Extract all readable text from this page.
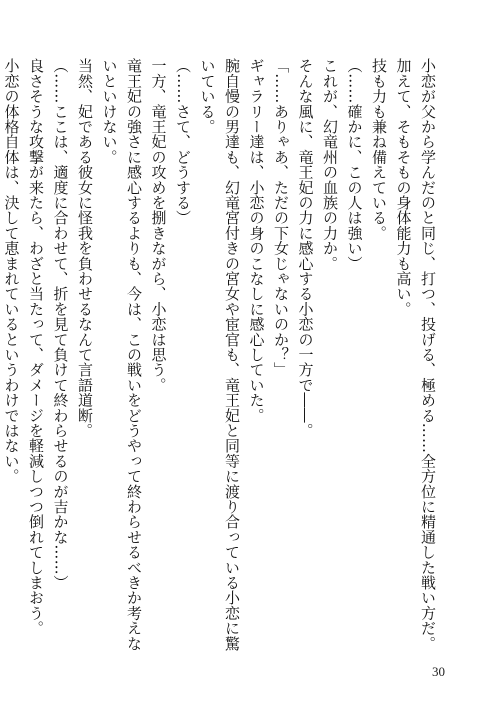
小恋が父から学んだのと同じ、打つ、投げる、極める……全方位に精通した戦い方だ。
加えて、そもそもの身体能力も高い。
技も力も兼ね備えている。
（……確かに、この人は強い）
これが、幻竜州の血族の力か。
そんな風に、竜王妃の力に感心する小恋の一方で――。
「……ありゃあ、ただの下女じゃないのか？」
ギャラリー達は、小恋の身のこなしに感心していた。
腕自慢の男達も、幻竜宮付きの宮女や宦官も、竜王妃と同等に渡り合っている小恋に驚
いている。
（……さて、どうする）
一方、竜王妃の攻めを捌きながら、小恋は思う。
竜王妃の強さに感心するよりも、今は、この戦いをどうやって終わらせるべきか考えな
いといけない。
当然、妃である彼女に怪我を負わせるなんて言語道断。
（……ここは、適度に合わせて、折を見て負けて終わらせるのが吉かな……）
良さそうな攻撃が来たら、わざと当たって、ダメージを軽減しつつ倒れてしまおう。
小恋の体格自体は、決して恵まれているというわけではない。
30
